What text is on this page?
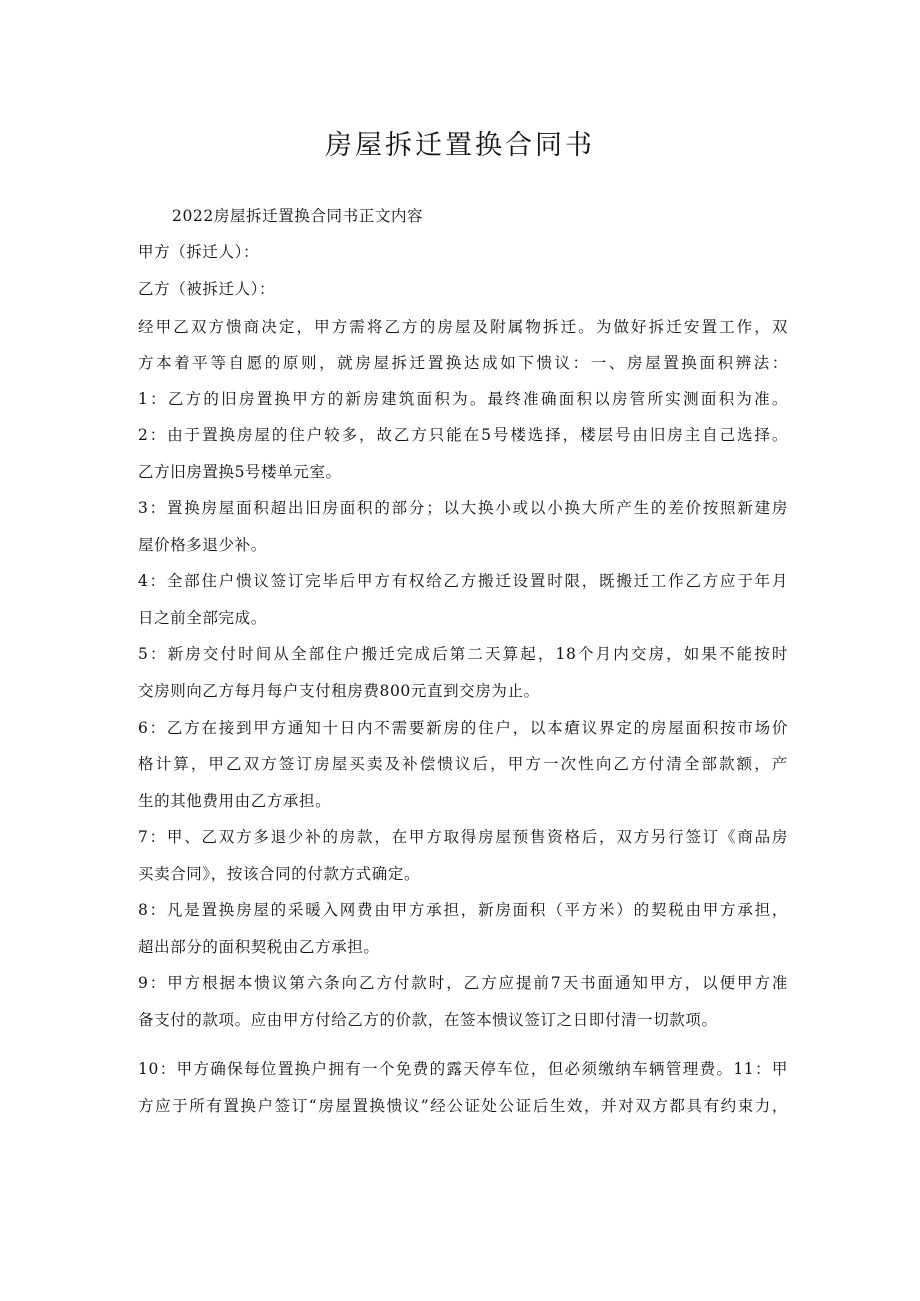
房屋拆迁置换合同书

2022房屋拆迁置换合同书正文内容

甲方（拆迁人）：

乙方（被拆迁人）：

经甲乙双方愦商决定，甲方需将乙方的房屋及附属物拆迁。为做好拆迁安置工作，双

方本着平等自愿的原则，就房屋拆迁置换达成如下愦议：一、房屋置换面积辨法：

1：乙方的旧房置换甲方的新房建筑面积为。最终准确面积以房管所实测面积为准。

2：由于置换房屋的住户较多，故乙方只能在5号楼选择，楼层号由旧房主自己选择。

乙方旧房置换5号楼单元室。

3：置换房屋面积超出旧房面积的部分；以大换小或以小换大所产生的差价按照新建房

屋价格多退少补。

4：全部住户愦议签订完毕后甲方有权给乙方搬迁设置时限，既搬迁工作乙方应于年月

日之前全部完成。

5：新房交付时间从全部住户搬迁完成后第二天算起，18个月内交房，如果不能按时

交房则向乙方每月每户支付租房费800元直到交房为止。

6：乙方在接到甲方通知十日内不需要新房的住户，以本瘡议界定的房屋面积按市场价

格计算，甲乙双方签订房屋买卖及补偿愦议后，甲方一次性向乙方付清全部款额，产

生的其他费用由乙方承担。

7：甲、乙双方多退少补的房款，在甲方取得房屋预售资格后，双方另行签订《商品房

买卖合同》，按该合同的付款方式确定。

8：凡是置换房屋的采暖入网费由甲方承担，新房面积（平方米）的契税由甲方承担，

超出部分的面积契税由乙方承担。

9：甲方根据本愦议第六条向乙方付款时，乙方应提前7天书面通知甲方，以便甲方准

备支付的款项。应由甲方付给乙方的价款，在签本愦议签订之日即付清一切款项。

10：甲方确保每位置换户拥有一个免费的露天停车位，但必须缴纳车辆管理费。11：甲

方应于所有置换户签订“房屋置换愦议”经公证处公证后生效，并对双方都具有约束力，
